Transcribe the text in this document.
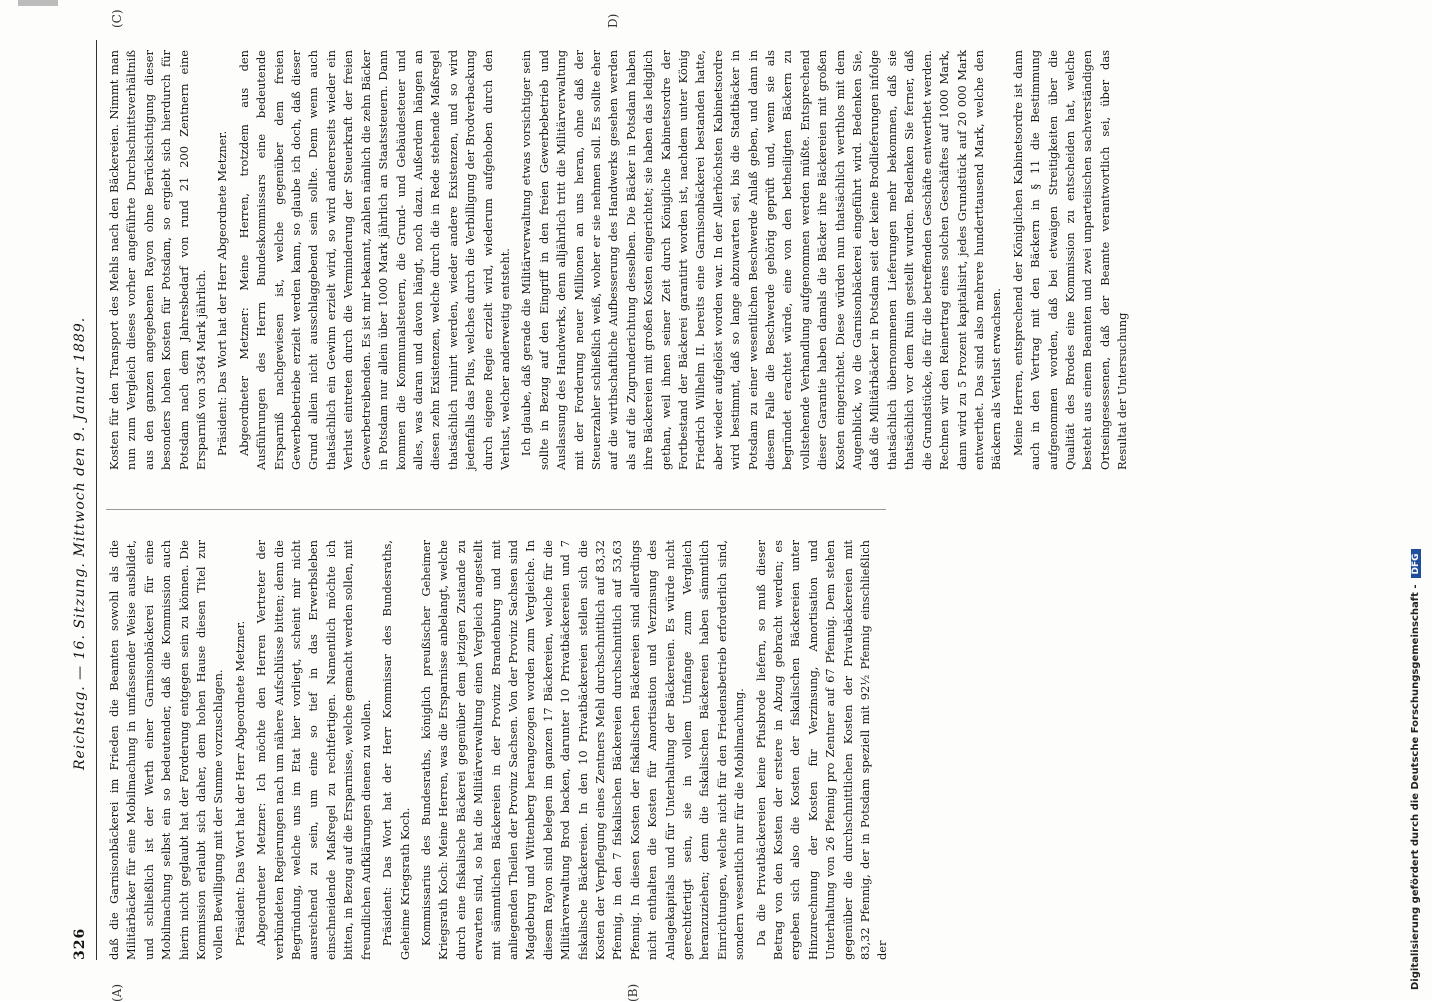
326
Reichstag. — 16. Sitzung. Mittwoch den 9. Januar 1889.
(A)	(B)
(C)	D)

daß die Garnisonbäckerei im Frieden die Beamten sowohl als die Militärbäcker für eine Mobilmachung in umfassender Weise ausbildet, und schließlich ist der Werth einer Garnisonbäckerei für eine Mobilmachung selbst ein so bedeutender, daß die Kommission auch hierin nicht geglaubt hat der Forderung entgegen sein zu können. Die Kommission erlaubt sich daher, dem hohen Hause diesen Titel zur vollen Bewilligung mit der Summe vorzuschlagen. Präsident: Das Wort hat der Herr Abgeordnete Metzner. Abgeordneter Metzner: Ich möchte den Herren Vertreter der verbündeten Regierungen nach um nähere Aufschlüsse bitten; denn die Begründung, welche uns im Etat hier vorliegt, scheint mir nicht ausreichend zu sein, um eine so tief in das Erwerbsleben einschneidende Maßregel zu rechtfertigen. Namentlich möchte ich bitten, in Bezug auf die Ersparnisse, welche gemacht werden sollen, mit freundlichen Aufklärungen dienen zu wollen. Präsident: Das Wort hat der Herr Kommissar des Bundesraths, Geheime Kriegsrath Koch. Kommissarius des Bundesraths, königlich preußischer Geheimer Kriegsrath Koch: Meine Herren, was die Ersparnisse anbelangt, welche durch eine fiskalische Bäckerei gegenüber dem jetzigen Zustande zu erwarten sind, so hat die Militärverwaltung einen Vergleich angestellt mit sämmtlichen Bäckereien in der Provinz Brandenburg und mit anliegenden Theilen der Provinz Sachsen. Von der Provinz Sachsen sind Magdeburg und Wittenberg herangezogen worden zum Vergleiche. In diesem Rayon sind belegen im ganzen 17 Bäckereien, welche für die Militärverwaltung Brod backen, darunter 10 Privatbäckereien und 7 fiskalische Bäckereien. In den 10 Privatbäckereien stellen sich die Kosten der Verpflegung eines Zentners Mehl durchschnittlich auf 83,32 Pfennig, in den 7 fiskalischen Bäckereien durchschnittlich auf 53,63 Pfennig. In diesen Kosten der fiskalischen Bäckereien sind allerdings nicht enthalten die Kosten für Amortisation und Verzinsung des Anlagekapitals und für Unterhaltung der Bäckereien. Es würde nicht gerechtfertigt sein, sie in vollem Umfange zum Vergleich heranzuziehen; denn die fiskalischen Bäckereien haben sämmtlich Einrichtungen, welche nicht für den Friedensbetrieb erforderlich sind, sondern wesentlich nur für die Mobilmachung. Da die Privatbäckereien keine Pfusbrode liefern, so muß dieser Betrag von den Kosten der erstere in Abzug gebracht werden; es ergeben sich also die Kosten der fiskalischen Bäckereien unter Hinzurechnung der Kosten für Verzinsung, Amortisation und Unterhaltung von 26 Pfennig pro Zentner auf 67 Pfennig. Dem stehen gegenüber die durchschnittlichen Kosten der Privatbäckereien mit 83,32 Pfennig, der in Potsdam speziell mit 92½ Pfennig einschließlich der

Kosten für den Transport des Mehls nach den Bäckereien. Nimmt man nun zum Vergleich dieses vorher angeführte Durchschnittsverhältniß aus den ganzen angegebenen Rayon ohne Berücksichtigung dieser besonders hohen Kosten für Potsdam, so ergiebt sich hierdurch für Potsdam nach dem Jahresbedarf von rund 21 200 Zentnern eine Ersparniß von 3364 Mark jährlich. Präsident: Das Wort hat der Herr Abgeordnete Metzner. Abgeordneter Metzner: Meine Herren, trotzdem aus den Ausführungen des Herrn Bundeskommissars eine bedeutende Ersparniß nachgewiesen ist, welche gegenüber dem freien Gewerbebetriebe erzielt werden kann, so glaube ich doch, daß dieser Grund allein nicht ausschlaggebend sein sollte. Denn wenn auch thatsächlich ein Gewinn erzielt wird, so wird andererseits wieder ein Verlust eintreten durch die Verminderung der Steuerkraft der freien Gewerbetreibenden. Es ist mir bekannt, zahlen nämlich die zehn Bäcker in Potsdam nur allein über 1000 Mark jährlich an Staatssteuern. Dann kommen die Kommunalsteuern, die Grund- und Gebäudesteuer und alles, was daran und davon hängt, noch dazu. Außerdem hängen an diesen zehn Existenzen, welche durch die in Rede stehende Maßregel thatsächlich ruinirt werden, wieder andere Existenzen, und so wird jedenfalls das Plus, welches durch die Verbilligung der Brodverbackung durch eigene Regie erzielt wird, wiederum aufgehoben durch den Verlust, welcher anderweitig entsteht. Ich glaube, daß gerade die Militärverwaltung etwas vorsichtiger sein sollte in Bezug auf den Eingriff in den freien Gewerbebetrieb und Auslassung des Handwerks, denn alljährlich tritt die Militärverwaltung mit der Forderung neuer Millionen an uns heran, ohne daß der Steuerzahler schließlich weiß, woher er sie nehmen soll. Es sollte eher auf die wirthschaftliche Aufbesserung des Handwerks gesehen werden als auf die Zugrunderichtung desselben. Die Bäcker in Potsdam haben ihre Bäckereien mit großen Kosten eingerichtet; sie haben das lediglich gethan, weil ihnen seiner Zeit durch Königliche Kabinetsordre der Fortbestand der Bäckerei garantirt worden ist, nachdem unter König Friedrich Wilhelm II. bereits eine Garnisonbäckerei bestanden hatte, aber wieder aufgelöst worden war. In der Allerhöchsten Kabinetsordre wird bestimmt, daß so lange abzuwarten sei, bis die Stadtbäcker in Potsdam zu einer wesentlichen Beschwerde Anlaß geben, und dann in diesem Falle die Beschwerde gehörig geprüft und, wenn sie als begründet erachtet würde, eine von den betheiligten Bäckern zu vollstehende Verhandlung aufgenommen werden müßte. Entsprechend dieser Garantie haben damals die Bäcker ihre Bäckereien mit großen Kosten eingerichtet. Diese würden nun thatsächlich werthlos mit dem Augenblick, wo die Garnisonbäckerei eingeführt wird. Bedenken Sie, daß die Militärbäcker in Potsdam seit der keine Brodlieferungen infolge thatsächlich übernommenen Lieferungen mehr bekommen, daß sie thatsächlich vor dem Ruin gestellt wurden. Bedenken Sie ferner, daß die Grundstücke, die für die betreffenden Geschäfte entwerthet werden. Rechnen wir den Reinertrag eines solchen Geschäftes auf 1000 Mark, dann wird zu 5 Prozent kapitalisirt, jedes Grundstück auf 20 000 Mark entwerthet. Das sind also mehrere hunderttausend Mark, welche den Bäckern als Verlust erwachsen. Meine Herren, entsprechend der Königlichen Kabinetsordre ist dann auch in den Vertrag mit den Bäckern in § 11 die Bestimmung aufgenommen worden, daß bei etwaigen Streitigkeiten über die Qualität des Brodes eine Kommission zu entscheiden hat, welche besteht aus einem Beamten und zwei unparteiischen sachverständigen Ortseingesessenen, daß der Beamte verantwortlich sei, über das Resultat der Untersuchung

Digitalisierung gefördert durch die Deutsche Forschungsgemeinschaft -DFG
